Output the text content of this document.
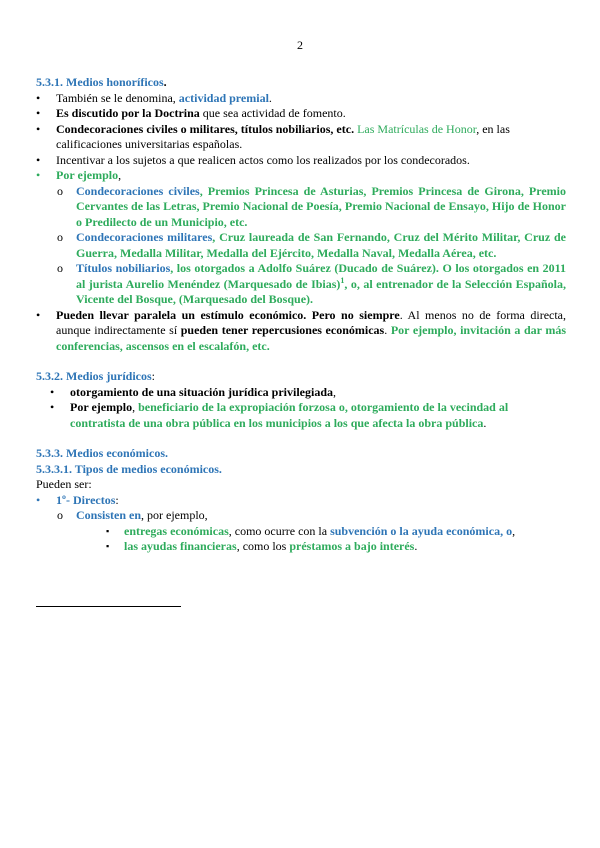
2

5.3.1. Medios honoríficos.

•	También se le denomina, actividad premial.
•	Es discutido por la Doctrina que sea actividad de fomento.
•	Condecoraciones civiles o militares, títulos nobiliarios, etc. Las Matrículas de Honor, en las calificaciones universitarias españolas.
•	Incentivar a los sujetos a que realicen actos como los realizados por los condecorados.
•	Por ejemplo,
o Condecoraciones civiles, Premios Princesa de Asturias, Premios Princesa de Girona, Premio Cervantes de las Letras, Premio Nacional de Poesía, Premio Nacional de Ensayo, Hijo de Honor o Predilecto de un Municipio, etc.
o Condecoraciones militares, Cruz laureada de San Fernando, Cruz del Mérito Militar, Cruz de Guerra, Medalla Militar, Medalla del Ejército, Medalla Naval, Medalla Aérea, etc.
o Títulos nobiliarios, los otorgados a Adolfo Suárez (Ducado de Suárez). O los otorgados en 2011 al jurista Aurelio Menéndez (Marquesado de Ibias)$^1$, o, al entrenador de la Selección Española, Vicente del Bosque, (Marquesado del Bosque).
•	Pueden llevar paralela un estímulo económico. Pero no siempre. Al menos no de forma directa, aunque indirectamente sí pueden tener repercusiones económicas. Por ejemplo, invitación a dar más conferencias, ascensos en el escalafón, etc.

5.3.2. Medios jurídicos:

•	otorgamiento de una situación jurídica privilegiada,
•	Por ejemplo, beneficiario de la expropiación forzosa o, otorgamiento de la vecindad al contratista de una obra pública en los municipios a los que afecta la obra pública.

5.3.3. Medios económicos.

5.3.3.1. Tipos de medios económicos.

Pueden ser:

•	1º- Directos:
o Consisten en, por ejemplo,
▪ entregas económicas, como ocurre con la subvención o la ayuda económica, o,
▪ las ayudas financieras, como los préstamos a bajo interés.
